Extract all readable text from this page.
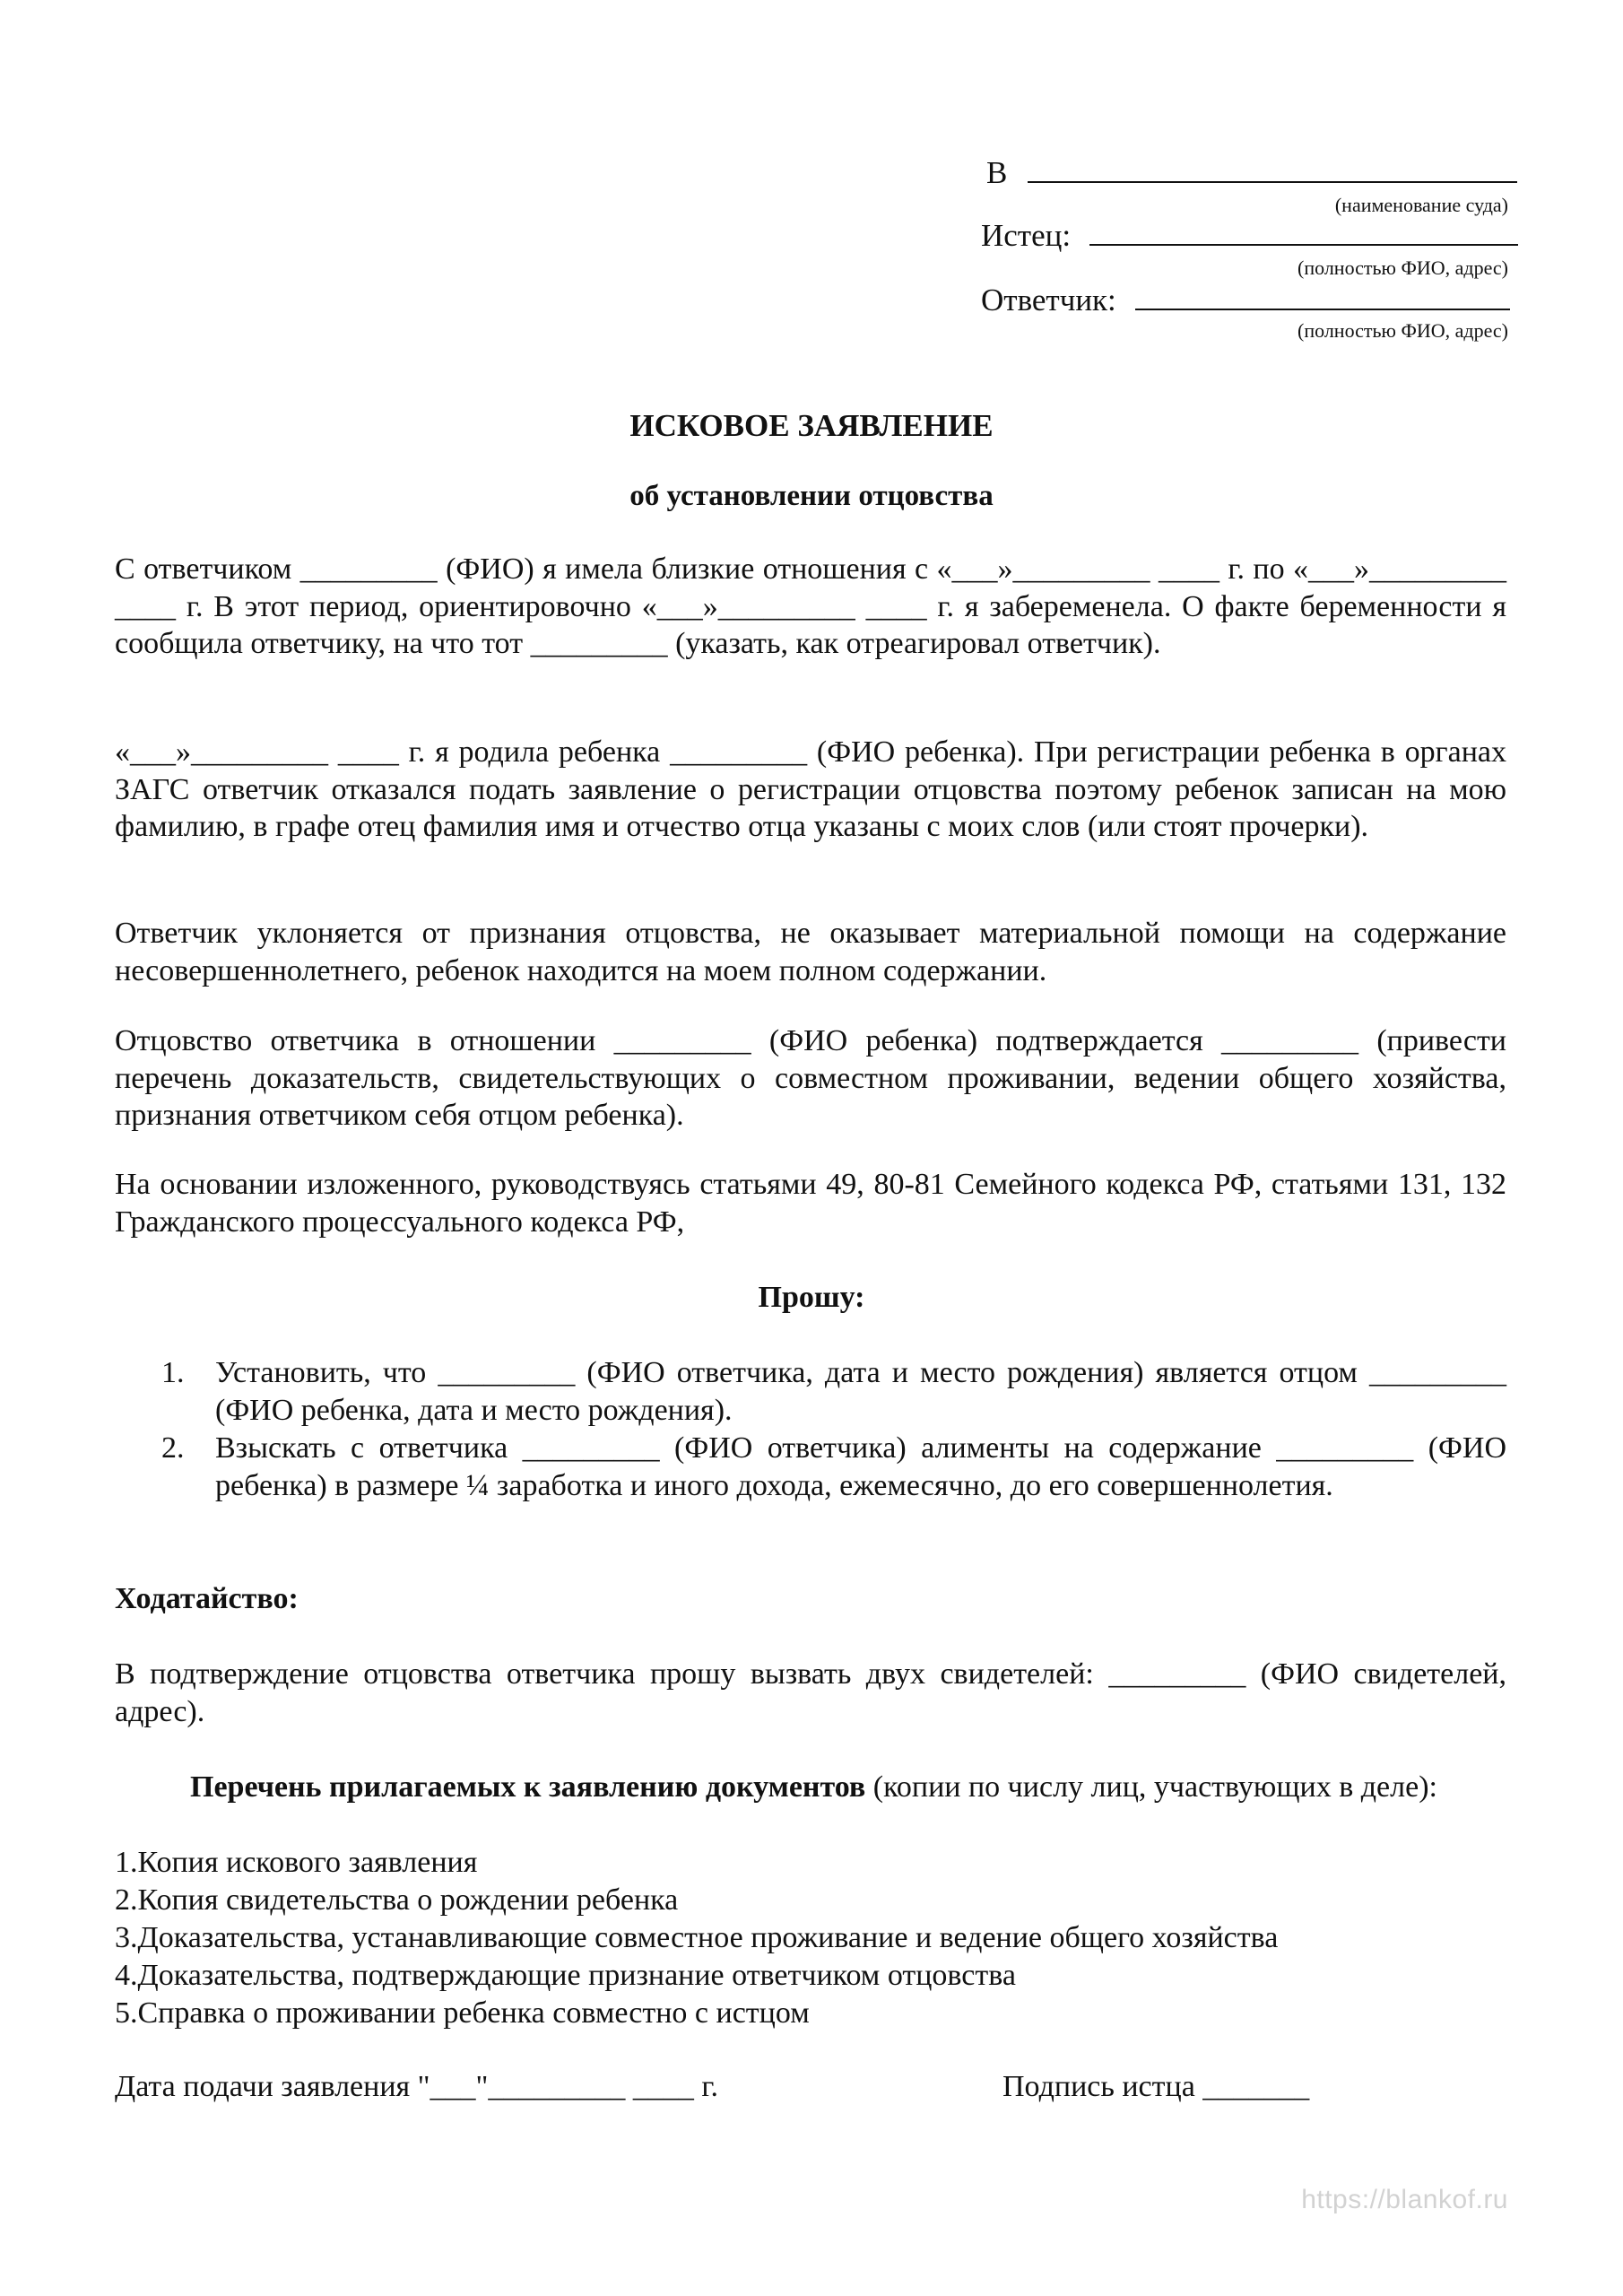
В
(наименование суда)
Истец:
(полностью ФИО, адрес)
Ответчик:
(полностью ФИО, адрес)
ИСКОВОЕ ЗАЯВЛЕНИЕ
об установлении отцовства
С ответчиком _________ (ФИО) я имела близкие отношения с «___»_________ ____ г. по «___»_________ ____ г. В этот период, ориентировочно «___»_________ ____ г. я забеременела. О факте беременности я сообщила ответчику, на что тот _________ (указать, как отреагировал ответчик).
«___»_________ ____ г. я родила ребенка _________ (ФИО ребенка). При регистрации ребенка в органах ЗАГС ответчик отказался подать заявление о регистрации отцовства поэтому ребенок записан на мою фамилию, в графе отец фамилия имя и отчество отца указаны с моих слов (или стоят прочерки).
Ответчик уклоняется от признания отцовства, не оказывает материальной помощи на содержание несовершеннолетнего, ребенок находится на моем полном содержании.
Отцовство ответчика в отношении _________ (ФИО ребенка) подтверждается _________ (привести перечень доказательств, свидетельствующих о совместном проживании, ведении общего хозяйства, признания ответчиком себя отцом ребенка).
На основании изложенного, руководствуясь статьями 49, 80-81 Семейного кодекса РФ, статьями 131, 132 Гражданского процессуального кодекса РФ,
Прошу:
1.	Установить, что _________ (ФИО ответчика, дата и место рождения) является отцом _________ (ФИО ребенка, дата и место рождения).
2.	Взыскать с ответчика _________ (ФИО ответчика) алименты на содержание _________ (ФИО ребенка) в размере ¼ заработка и иного дохода, ежемесячно, до его совершеннолетия.
Ходатайство:
В подтверждение отцовства ответчика прошу вызвать двух свидетелей: _________ (ФИО свидетелей, адрес).
Перечень прилагаемых к заявлению документов (копии по числу лиц, участвующих в деле):
1.Копия искового заявления
2.Копия свидетельства о рождении ребенка
3.Доказательства, устанавливающие совместное проживание и ведение общего хозяйства
4.Доказательства, подтверждающие признание ответчиком отцовства
5.Справка о проживании ребенка совместно с истцом
Дата подачи заявления "___"_________ ____ г.	Подпись истца _______
https://blankof.ru
